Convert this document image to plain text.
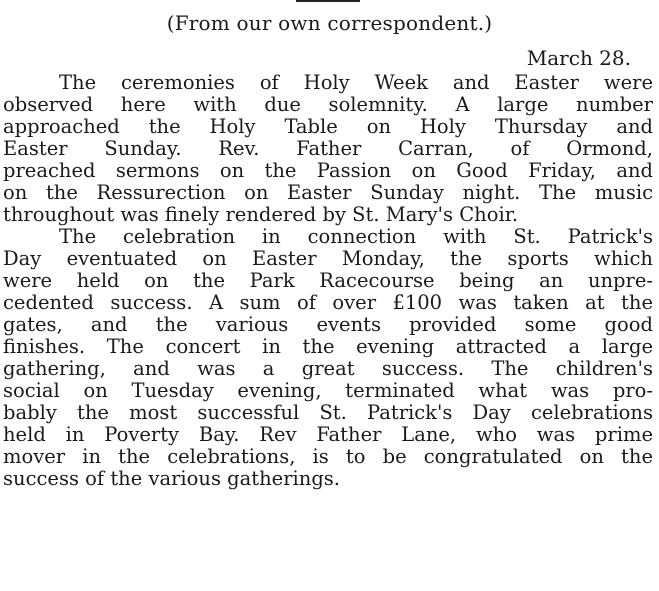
(From our own correspondent.)
March 28.
The ceremonies of Holy Week and Easter were
observed here with due solemnity. A large number
approached the Holy Table on Holy Thursday and
Easter Sunday. Rev. Father Carran, of Ormond,
preached sermons on the Passion on Good Friday, and
on the Ressurection on Easter Sunday night. The music
throughout was finely rendered by St. Mary's Choir.
The celebration in connection with St. Patrick's
Day eventuated on Easter Monday, the sports which
were held on the Park Racecourse being an unpre-
cedented success. A sum of over £100 was taken at the
gates, and the various events provided some good
finishes. The concert in the evening attracted a large
gathering, and was a great success. The children's
social on Tuesday evening, terminated what was pro-
bably the most successful St. Patrick's Day celebrations
held in Poverty Bay. Rev Father Lane, who was prime
mover in the celebrations, is to be congratulated on the
success of the various gatherings.
